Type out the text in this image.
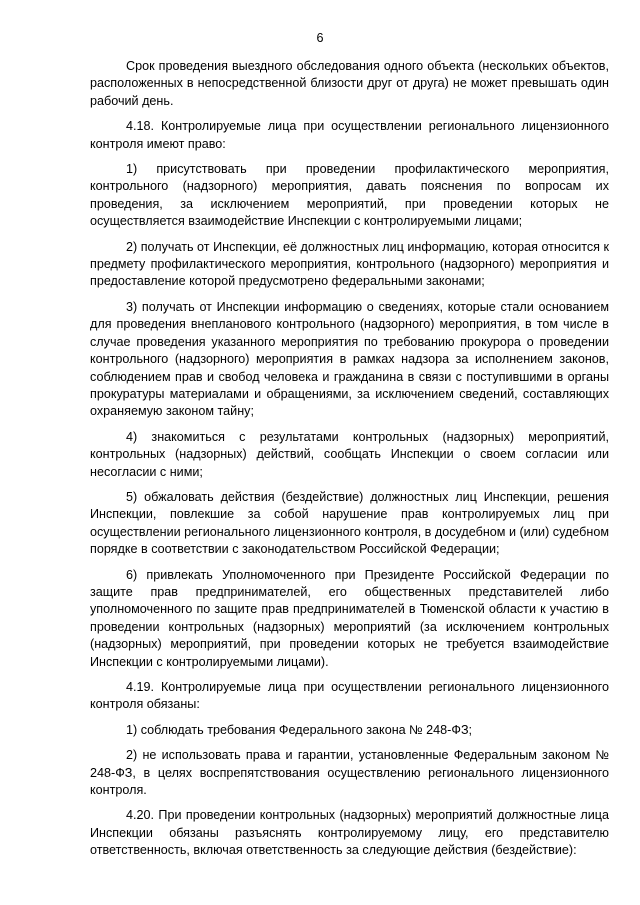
6

Срок проведения выездного обследования одного объекта (нескольких объектов, расположенных в непосредственной близости друг от друга) не может превышать один рабочий день.

4.18. Контролируемые лица при осуществлении регионального лицензионного контроля имеют право:

1) присутствовать при проведении профилактического мероприятия, контрольного (надзорного) мероприятия, давать пояснения по вопросам их проведения, за исключением мероприятий, при проведении которых не осуществляется взаимодействие Инспекции с контролируемыми лицами;

2) получать от Инспекции, её должностных лиц информацию, которая относится к предмету профилактического мероприятия, контрольного (надзорного) мероприятия и предоставление которой предусмотрено федеральными законами;

3) получать от Инспекции информацию о сведениях, которые стали основанием для проведения внепланового контрольного (надзорного) мероприятия, в том числе в случае проведения указанного мероприятия по требованию прокурора о проведении контрольного (надзорного) мероприятия в рамках надзора за исполнением законов, соблюдением прав и свобод человека и гражданина в связи с поступившими в органы прокуратуры материалами и обращениями, за исключением сведений, составляющих охраняемую законом тайну;

4) знакомиться с результатами контрольных (надзорных) мероприятий, контрольных (надзорных) действий, сообщать Инспекции о своем согласии или несогласии с ними;

5) обжаловать действия (бездействие) должностных лиц Инспекции, решения Инспекции, повлекшие за собой нарушение прав контролируемых лиц при осуществлении регионального лицензионного контроля, в досудебном и (или) судебном порядке в соответствии с законодательством Российской Федерации;

6) привлекать Уполномоченного при Президенте Российской Федерации по защите прав предпринимателей, его общественных представителей либо уполномоченного по защите прав предпринимателей в Тюменской области к участию в проведении контрольных (надзорных) мероприятий (за исключением контрольных (надзорных) мероприятий, при проведении которых не требуется взаимодействие Инспекции с контролируемыми лицами).

4.19. Контролируемые лица при осуществлении регионального лицензионного контроля обязаны:

1) соблюдать требования Федерального закона № 248-ФЗ;

2) не использовать права и гарантии, установленные Федеральным законом № 248-ФЗ, в целях воспрепятствования осуществлению регионального лицензионного контроля.

4.20. При проведении контрольных (надзорных) мероприятий должностные лица Инспекции обязаны разъяснять контролируемому лицу, его представителю ответственность, включая ответственность за следующие действия (бездействие):
